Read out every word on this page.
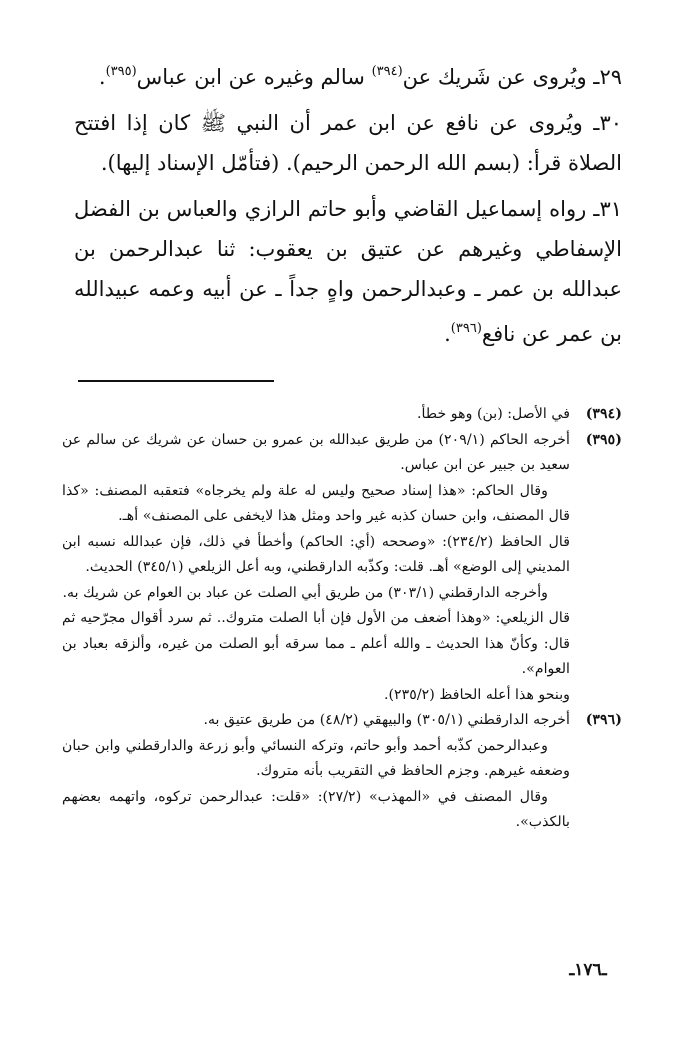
٢٩ـ ويُروى عن شَريك عن$^{(٣٩٤)}$ سالم وغيره عن ابن عباس$^{(٣٩٥)}$.

٣٠ـ ويُروى عن نافع عن ابن عمر أن النبي ﷺ كان إذا افتتح الصلاة قرأ: (بسم الله الرحمن الرحيم). (فتأمّل الإسناد إليها).

٣١ـ رواه إسماعيل القاضي وأبو حاتم الرازي والعباس بن الفضل الإسفاطي وغيرهم عن عتيق بن يعقوب: ثنا عبدالرحمن بن عبدالله بن عمر ـ وعبدالرحمن واهٍ جداً ـ عن أبيه وعمه عبيدالله بن عمر عن نافع$^{(٣٩٦)}$.

(٣٩٤)

في الأصل: (بن) وهو خطأ.

(٣٩٥)

أخرجه الحاكم (٢٠٩/١) من طريق عبدالله بن عمرو بن حسان عن شريك عن سالم عن سعيد بن جبير عن ابن عباس.

وقال الحاكم: «هذا إسناد صحيح وليس له علة ولم يخرجاه» فتعقبه المصنف: «كذا قال المصنف، وابن حسان كذبه غير واحد ومثل هذا لايخفى على المصنف» أهـ.

قال الحافظ (٢٣٤/٢): «وصححه (أي: الحاكم) وأخطأ في ذلك، فإن عبدالله نسبه ابن المديني إلى الوضع» أهـ. قلت: وكذّبه الدارقطني، وبه أعل الزيلعي (٣٤٥/١) الحديث.

وأخرجه الدارقطني (٣٠٣/١) من طريق أبي الصلت عن عباد بن العوام عن شريك به.

قال الزيلعي: «وهذا أضعف من الأول فإن أبا الصلت متروك.. ثم سرد أقوال مجرّحيه ثم قال: وكأنّ هذا الحديث ـ والله أعلم ـ مما سرقه أبو الصلت من غيره، وألزقه بعباد بن العوام».

وبنحو هذا أعله الحافظ (٢٣٥/٢).

(٣٩٦)

أخرجه الدارقطني (٣٠٥/١) والبيهقي (٤٨/٢) من طريق عتيق به.

وعبدالرحمن كذّبه أحمد وأبو حاتم، وتركه النسائي وأبو زرعة والدارقطني وابن حبان وضعفه غيرهم. وجزم الحافظ في التقريب بأنه متروك.

وقال المصنف في «المهذب» (٢٧/٢): «قلت: عبدالرحمن تركوه، واتهمه بعضهم بالكذب».

ـ١٧٦ـ
